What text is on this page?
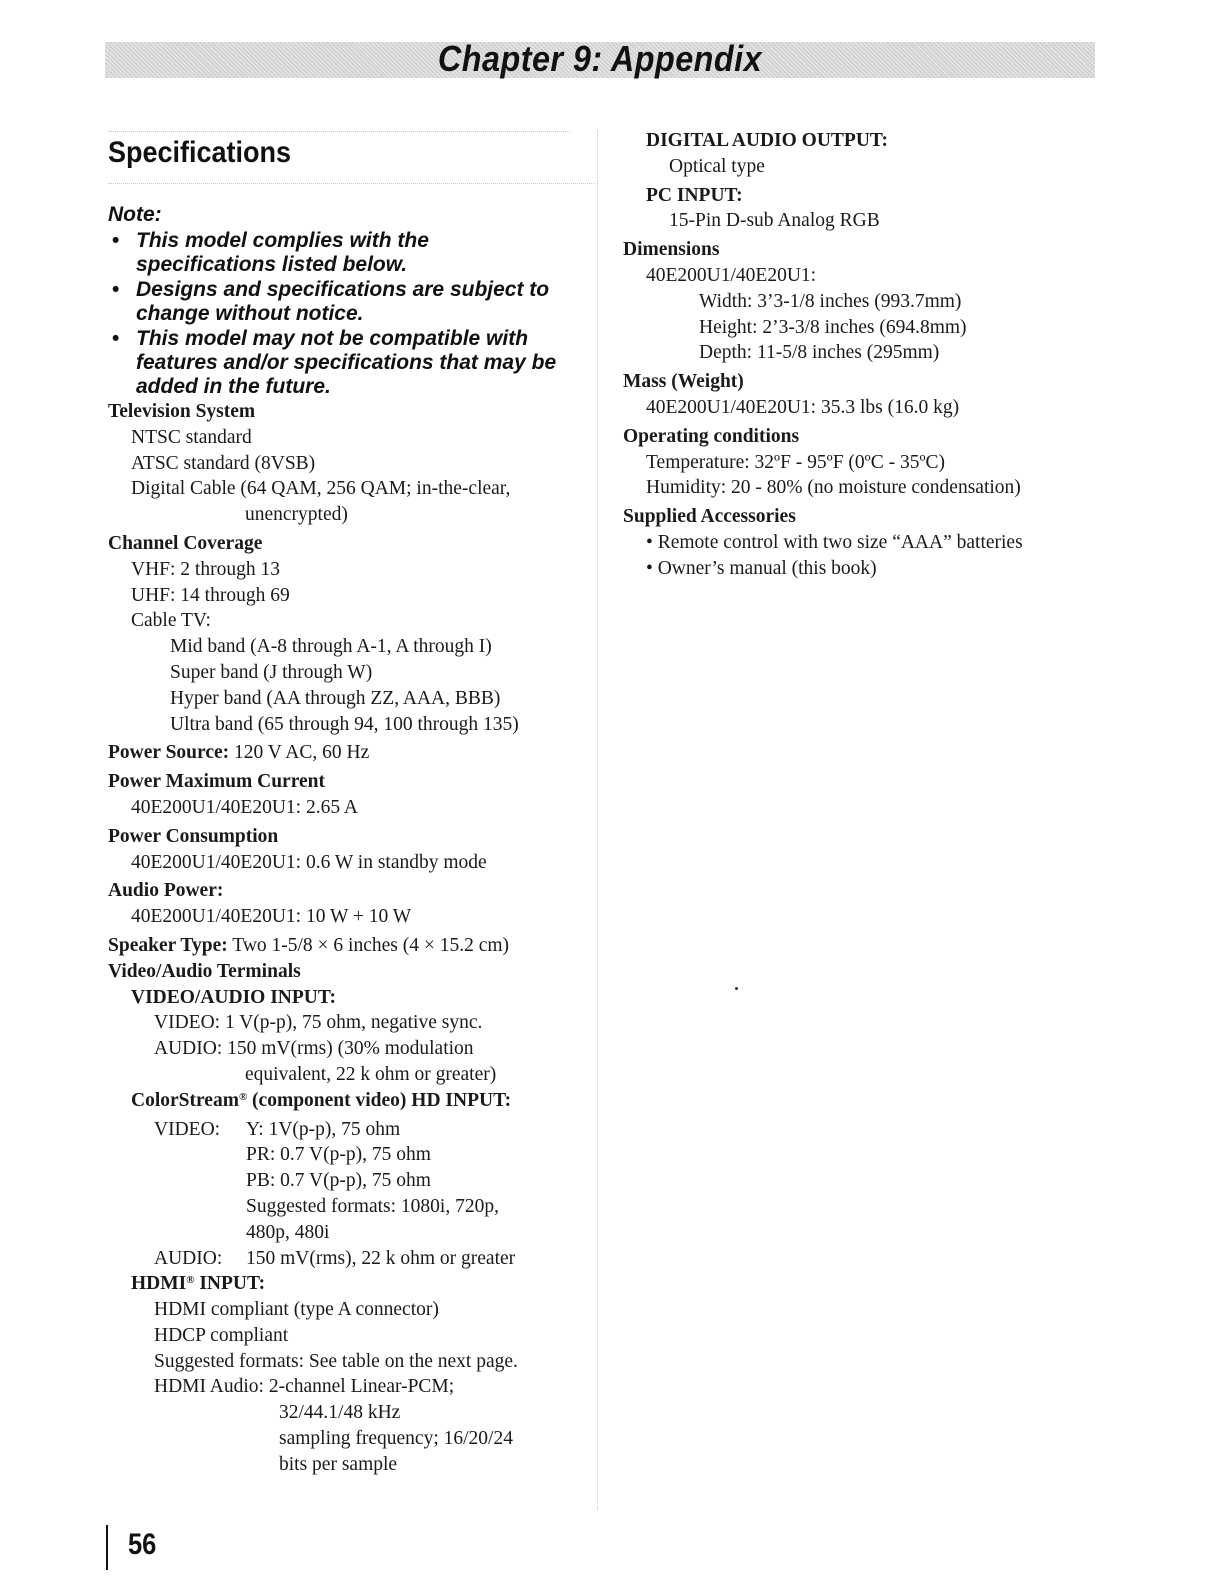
Chapter 9: Appendix
Specifications
Note:
• This model complies with the
specifications listed below.
• Designs and specifications are subject to
change without notice.
• This model may not be compatible with
features and/or specifications that may be
added in the future.
Television System
NTSC standard
ATSC standard (8VSB)
Digital Cable (64 QAM, 256 QAM; in-the-clear,
unencrypted)
Channel Coverage
VHF: 2 through 13
UHF: 14 through 69
Cable TV:
Mid band (A-8 through A-1, A through I)
Super band (J through W)
Hyper band (AA through ZZ, AAA, BBB)
Ultra band (65 through 94, 100 through 135)
Power Source: 120 V AC, 60 Hz
Power Maximum Current
40E200U1/40E20U1: 2.65 A
Power Consumption
40E200U1/40E20U1: 0.6 W in standby mode
Audio Power:
40E200U1/40E20U1: 10 W + 10 W
Speaker Type: Two 1-5/8 × 6 inches (4 × 15.2 cm)
Video/Audio Terminals
VIDEO/AUDIO INPUT:
VIDEO: 1 V(p-p), 75 ohm, negative sync.
AUDIO: 150 mV(rms) (30% modulation
equivalent, 22 k ohm or greater)
ColorStream® (component video) HD INPUT:
VIDEO:	Y: 1V(p-p), 75 ohm
PR: 0.7 V(p-p), 75 ohm
PB: 0.7 V(p-p), 75 ohm
Suggested formats: 1080i, 720p,
480p, 480i
AUDIO:	150 mV(rms), 22 k ohm or greater
HDMI® INPUT:
HDMI compliant (type A connector)
HDCP compliant
Suggested formats: See table on the next page.
HDMI Audio: 2-channel Linear-PCM;
32/44.1/48 kHz
sampling frequency; 16/20/24
bits per sample
DIGITAL AUDIO OUTPUT:
Optical type
PC INPUT:
15-Pin D-sub Analog RGB
Dimensions
40E200U1/40E20U1:
Width: 3’3-1/8 inches (993.7mm)
Height: 2’3-3/8 inches (694.8mm)
Depth: 11-5/8 inches (295mm)
Mass (Weight)
40E200U1/40E20U1: 35.3 lbs (16.0 kg)
Operating conditions
Temperature: 32ºF - 95ºF (0ºC - 35ºC)
Humidity: 20 - 80% (no moisture condensation)
Supplied Accessories
• Remote control with two size “AAA” batteries
• Owner’s manual (this book)
56
